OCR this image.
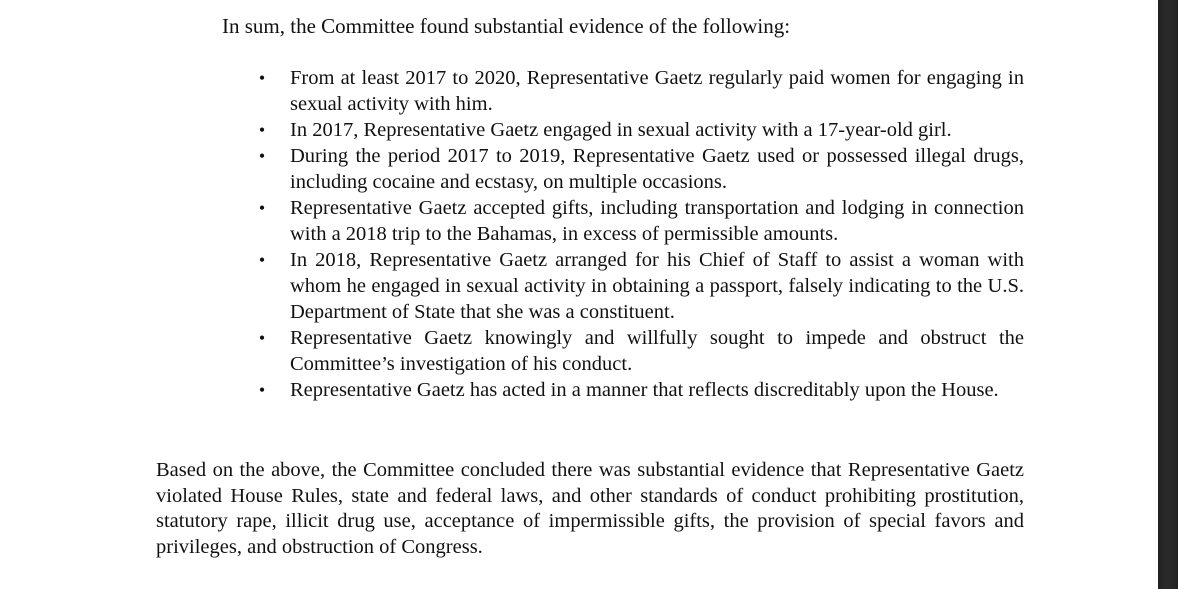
In sum, the Committee found substantial evidence of the following:

• From at least 2017 to 2020, Representative Gaetz regularly paid women for engaging in sexual activity with him.
• In 2017, Representative Gaetz engaged in sexual activity with a 17-year-old girl.
• During the period 2017 to 2019, Representative Gaetz used or possessed illegal drugs, including cocaine and ecstasy, on multiple occasions.
• Representative Gaetz accepted gifts, including transportation and lodging in connection with a 2018 trip to the Bahamas, in excess of permissible amounts.
• In 2018, Representative Gaetz arranged for his Chief of Staff to assist a woman with whom he engaged in sexual activity in obtaining a passport, falsely indicating to the U.S. Department of State that she was a constituent.
• Representative Gaetz knowingly and willfully sought to impede and obstruct the Committee’s investigation of his conduct.
• Representative Gaetz has acted in a manner that reflects discreditably upon the House.

Based on the above, the Committee concluded there was substantial evidence that Representative Gaetz violated House Rules, state and federal laws, and other standards of conduct prohibiting prostitution, statutory rape, illicit drug use, acceptance of impermissible gifts, the provision of special favors and privileges, and obstruction of Congress.
